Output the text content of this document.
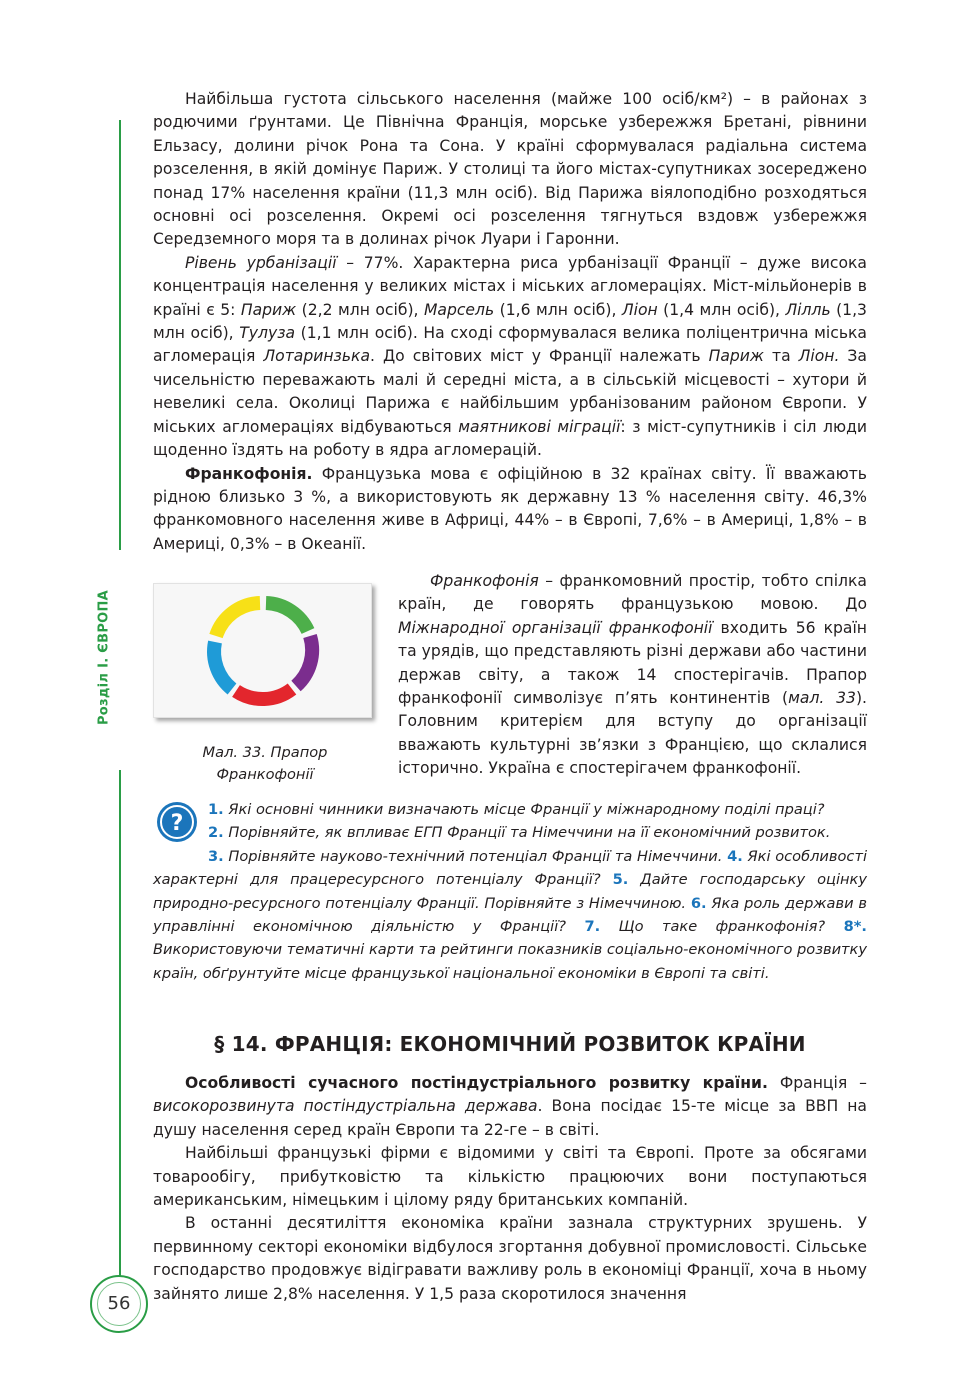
Розділ І. ЄВРОПА

Найбільша густота сільського населення (майже 100 осіб/км²) – в районах з родючими ґрунтами. Це Північна Франція, морське узбережжя Бретані, рівнини Ельзасу, долини річок Рона та Сона. У країні сформувалася радіальна система розселення, в якій домінує Париж. У столиці та його містах-супутниках зосереджено понад 17% населення країни (11,3 млн осіб). Від Парижа віялоподібно розходяться основні осі розселення. Окремі осі розселення тягнуться вздовж узбережжя Середземного моря та в долинах річок Луари і Гаронни.

Рівень урбанізації – 77%. Характерна риса урбанізації Франції – дуже висока концентрація населення у великих містах і міських агломераціях. Міст-мільйонерів в країні є 5: Париж (2,2 млн осіб), Марсель (1,6 млн осіб), Ліон (1,4 млн осіб), Лілль (1,3 млн осіб), Тулуза (1,1 млн осіб). На сході сформувалася велика поліцентрична міська агломерація Лотаринзька. До світових міст у Франції належать Париж та Ліон. За чисельністю переважають малі й середні міста, а в сільській місцевості – хутори й невеликі села. Околиці Парижа є найбільшим урбанізованим районом Європи. У міських агломераціях відбуваються маятникові міграції: з міст-супутників і сіл люди щоденно їздять на роботу в ядра агломерацій.

Франкофонія. Французька мова є офіційною в 32 країнах світу. Її вважають рідною близько 3 %, а використовують як державну 13 % населення світу. 46,3% франкомовного населення живе в Африці, 44% – в Європі, 7,6% – в Америці, 1,8% – в Америці, 0,3% – в Океанії.

Мал. 33. Прапор
Франкофонії

Франкофонія – франкомовний простір, тобто спілка країн, де говорять французькою мовою. До Міжнародної організації франкофонії входить 56 країн та урядів, що представляють різні держави або частини держав світу, а також 14 спостерігачів. Прапор франкофонії символізує п’ять континентів (мал. 33). Головним критерієм для вступу до організації вважають культурні зв’язки з Францією, що склалися історично. Україна є спостерігачем франкофонії.

?

1. Які основні чинники визначають місце Франції у міжнародному поділі праці?

2. Порівняйте, як впливає ЕГП Франції та Німеччини на її економічний розвиток.

3. Порівняйте науково-технічний потенціал Франції та Німеччини. 4. Які особливості характерні для працересурсного потенціалу Франції? 5. Дайте господарську оцінку природно-ресурсного потенціалу Франції. Порівняйте з Німеччиною. 6. Яка роль держави в управлінні економічною діяльністю у Франції? 7. Що таке франкофонія? 8*. Використовуючи тематичні карти та рейтинги показників соціально-економічного розвитку країн, обґрунтуйте місце французької національної економіки в Європі та світі.

§ 14. ФРАНЦІЯ: ЕКОНОМІЧНИЙ РОЗВИТОК КРАЇНИ

Особливості сучасного постіндустріального розвитку країни. Франція – високорозвинута постіндустріальна держава. Вона посідає 15-те місце за ВВП на душу населення серед країн Європи та 22-ге – в світі.

Найбільші французькі фірми є відомими у світі та Європі. Проте за обсягами товарообігу, прибутковістю та кількістю працюючих вони поступаються американським, німецьким і цілому ряду британських компаній.

В останні десятиліття економіка країни зазнала структурних зрушень. У первинному секторі економіки відбулося згортання добувної промисловості. Сільське господарство продовжує відігравати важливу роль в економіці Франції, хоча в ньому зайнято лише 2,8% населення. У 1,5 раза скоротилося значення

56
